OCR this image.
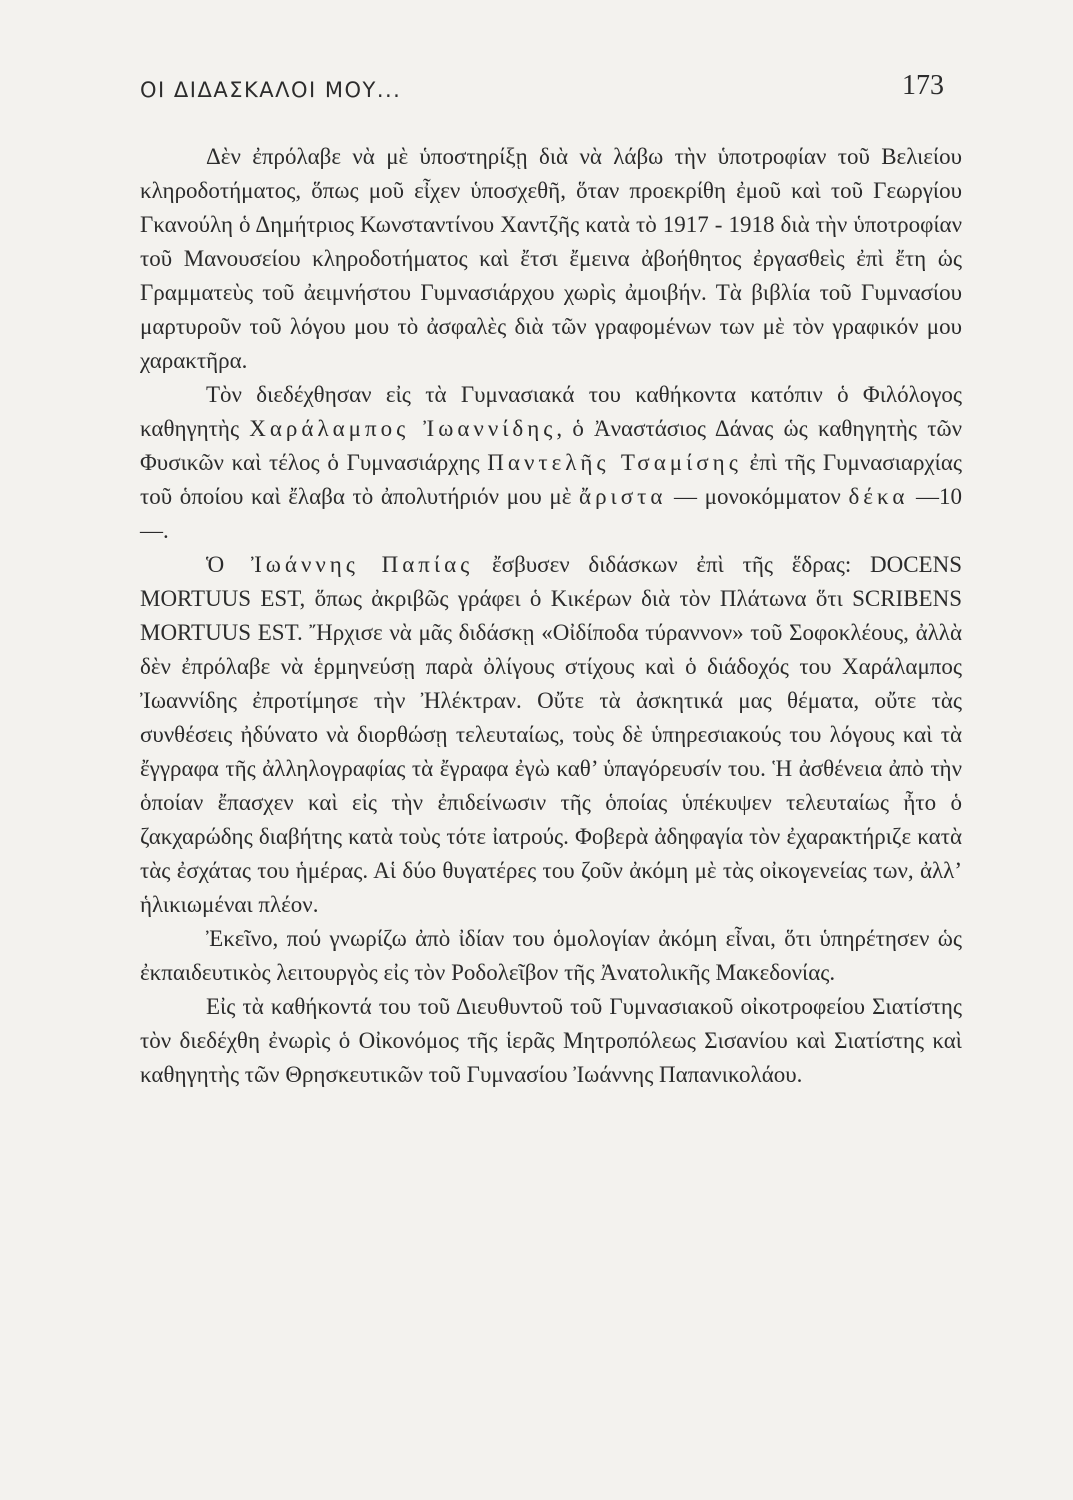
ΟΙ ΔΙΔΑΣΚΑΛΟΙ ΜΟΥ...	173

Δὲν ἐπρόλαβε νὰ μὲ ὑποστηρίξῃ διὰ νὰ λάβω τὴν ὑποτροφίαν τοῦ Βελιείου κληροδοτήματος, ὅπως μοῦ εἶχεν ὑποσχεθῆ, ὅταν προεκρίθη ἐμοῦ καὶ τοῦ Γεωργίου Γκανούλη ὁ Δημήτριος Κωνσταντίνου Χαντζῆς κατὰ τὸ 1917 - 1918 διὰ τὴν ὑποτροφίαν τοῦ Μανουσείου κληροδοτήματος καὶ ἔτσι ἔμεινα ἀβοήθητος ἐργασθεὶς ἐπὶ ἔτη ὡς Γραμματεὺς τοῦ ἀειμνήστου Γυμνασιάρχου χωρὶς ἀμοιβήν. Τὰ βιβλία τοῦ Γυμνασίου μαρτυροῦν τοῦ λόγου μου τὸ ἀσφαλὲς διὰ τῶν γραφομένων των μὲ τὸν γραφικόν μου χαρακτῆρα.

Τὸν διεδέχθησαν εἰς τὰ Γυμνασιακά του καθήκοντα κατόπιν ὁ Φιλόλογος καθηγητὴς Χαράλαμπος Ἰωαννίδης, ὁ Ἀναστάσιος Δάνας ὡς καθηγητὴς τῶν Φυσικῶν καὶ τέλος ὁ Γυμνασιάρχης Παντελῆς Τσαμίσης ἐπὶ τῆς Γυμνασιαρχίας τοῦ ὁποίου καὶ ἔλαβα τὸ ἀπολυτήριόν μου μὲ ἄριστα — μονοκόμματον δέκα —10—.

Ὁ Ἰωάννης Παπίας ἔσβυσεν διδάσκων ἐπὶ τῆς ἕδρας: DOCENS MORTUUS EST, ὅπως ἀκριβῶς γράφει ὁ Κικέρων διὰ τὸν Πλάτωνα ὅτι SCRIBENS MORTUUS EST. Ἤρχισε νὰ μᾶς διδάσκῃ «Οἰδίποδα τύραννον» τοῦ Σοφοκλέους, ἀλλὰ δὲν ἐπρόλαβε νὰ ἑρμηνεύσῃ παρὰ ὀλίγους στίχους καὶ ὁ διάδοχός του Χαράλαμπος Ἰωαννίδης ἐπροτίμησε τὴν Ἠλέκτραν. Οὔτε τὰ ἀσκητικά μας θέματα, οὔτε τὰς συνθέσεις ἠδύνατο νὰ διορθώσῃ τελευταίως, τοὺς δὲ ὑπηρεσιακούς του λόγους καὶ τὰ ἔγγραφα τῆς ἀλληλογραφίας τὰ ἔγραφα ἐγὼ καθ’ ὑπαγόρευσίν του. Ἡ ἀσθένεια ἀπὸ τὴν ὁποίαν ἔπασχεν καὶ εἰς τὴν ἐπιδείνωσιν τῆς ὁποίας ὑπέκυψεν τελευταίως ἦτο ὁ ζακχαρώδης διαβήτης κατὰ τοὺς τότε ἰατρούς. Φοβερὰ ἀδηφαγία τὸν ἐχαρακτήριζε κατὰ τὰς ἐσχάτας του ἡμέρας. Αἱ δύο θυγατέρες του ζοῦν ἀκόμη μὲ τὰς οἰκογενείας των, ἀλλ’ ἡλικιωμέναι πλέον.

Ἐκεῖνο, πού γνωρίζω ἀπὸ ἰδίαν του ὁμολογίαν ἀκόμη εἶναι, ὅτι ὑπηρέτησεν ὡς ἐκπαιδευτικὸς λειτουργὸς εἰς τὸν Ροδολεῖβον τῆς Ἀνατολικῆς Μακεδονίας.

Εἰς τὰ καθήκοντά του τοῦ Διευθυντοῦ τοῦ Γυμνασιακοῦ οἰκοτροφείου Σιατίστης τὸν διεδέχθη ἐνωρὶς ὁ Οἰκονόμος τῆς ἱερᾶς Μητροπόλεως Σισανίου καὶ Σιατίστης καὶ καθηγητὴς τῶν Θρησκευτικῶν τοῦ Γυμνασίου Ἰωάννης Παπανικολάου.
